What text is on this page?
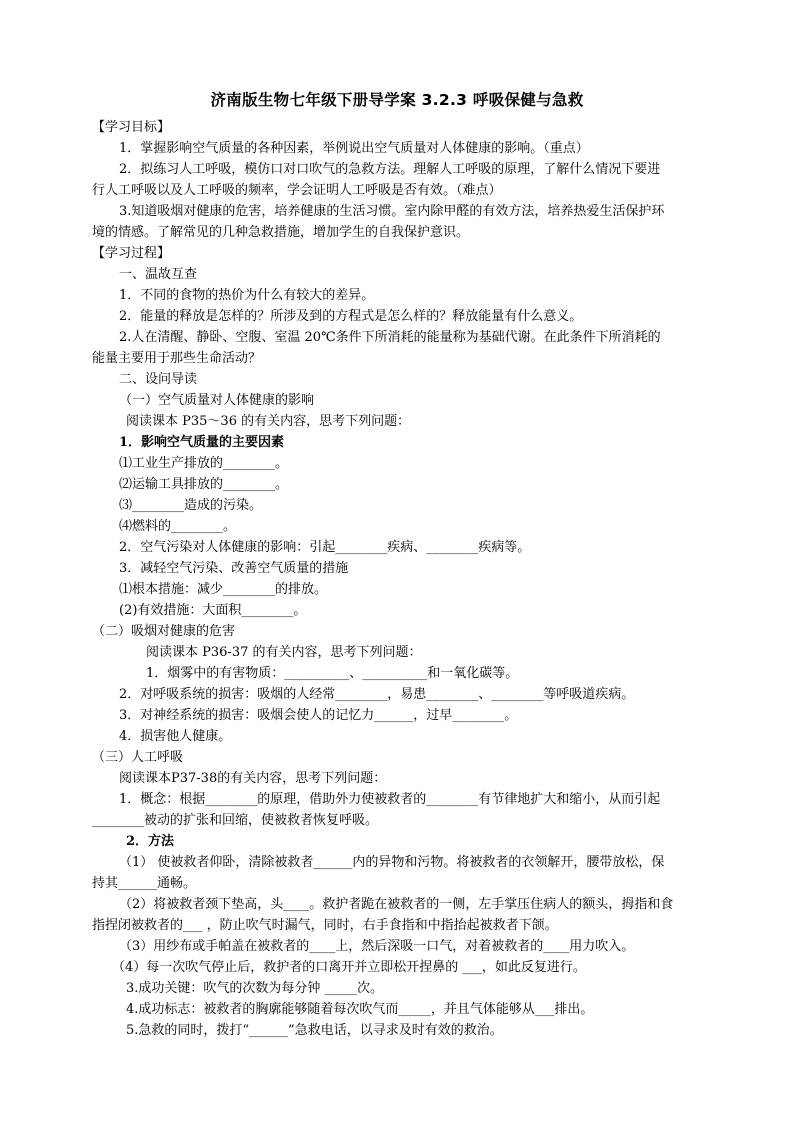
济南版生物七年级下册导学案 3.2.3 呼吸保健与急救
【学习目标】
1．掌握影响空气质量的各种因素，举例说出空气质量对人体健康的影响。（重点）
2．拟练习人工呼吸，模仿口对口吹气的急救方法。理解人工呼吸的原理，了解什么情况下要进
行人工呼吸以及人工呼吸的频率，学会证明人工呼吸是否有效。（难点）
3.知道吸烟对健康的危害，培养健康的生活习惯。室内除甲醛的有效方法，培养热爱生活保护环
境的情感。了解常见的几种急救措施，增加学生的自我保护意识。
【学习过程】
一、温故互查
1．不同的食物的热价为什么有较大的差异。
2．能量的释放是怎样的？所涉及到的方程式是怎么样的？释放能量有什么意义。
2.人在清醒、静卧、空腹、室温 20℃条件下所消耗的能量称为基础代谢。在此条件下所消耗的
能量主要用于那些生命活动？
二、设问导读
（一）空气质量对人体健康的影响
阅读课本 P35～36 的有关内容，思考下列问题：
1．影响空气质量的主要因素
⑴工业生产排放的________。
⑵运输工具排放的________。
⑶________造成的污染。
⑷燃料的________。
2．空气污染对人体健康的影响：引起________疾病、________疾病等。
3．减轻空气污染、改善空气质量的措施
⑴根本措施：减少________的排放。
(2)有效措施：大面积________。
（二）吸烟对健康的危害
阅读课本 P36-37 的有关内容，思考下列问题：
1．烟雾中的有害物质：__________、__________和一氧化碳等。
2．对呼吸系统的损害：吸烟的人经常________，易患________、________等呼吸道疾病。
3．对神经系统的损害：吸烟会使人的记忆力______，过早________。
4．损害他人健康。
（三）人工呼吸
阅读课本P37-38的有关内容，思考下列问题：
1．概念：根据________的原理，借助外力使被救者的________有节律地扩大和缩小，从而引起
________被动的扩张和回缩，使被救者恢复呼吸。
2．方法
（1） 使被救者仰卧，清除被救者______内的异物和污物。将被救者的衣领解开，腰带放松，保
持其______通畅。
（2）将被救者颈下垫高，头____。救护者跪在被救者的一侧，左手掌压住病人的额头，拇指和食
指捏闭被救者的___ ，防止吹气时漏气，同时，右手食指和中指抬起被救者下颌。
（3）用纱布或手帕盖在被救者的____上，然后深吸一口气，对着被救者的____用力吹入。
（4）每一次吹气停止后，救护者的口离开并立即松开捏鼻的 ___，如此反复进行。
3.成功关键：吹气的次数为每分钟 _____次。
4.成功标志：被救者的胸廓能够随着每次吹气而_____，并且气体能够从___排出。
5.急救的同时，拨打“______”急救电话，以寻求及时有效的救治。
